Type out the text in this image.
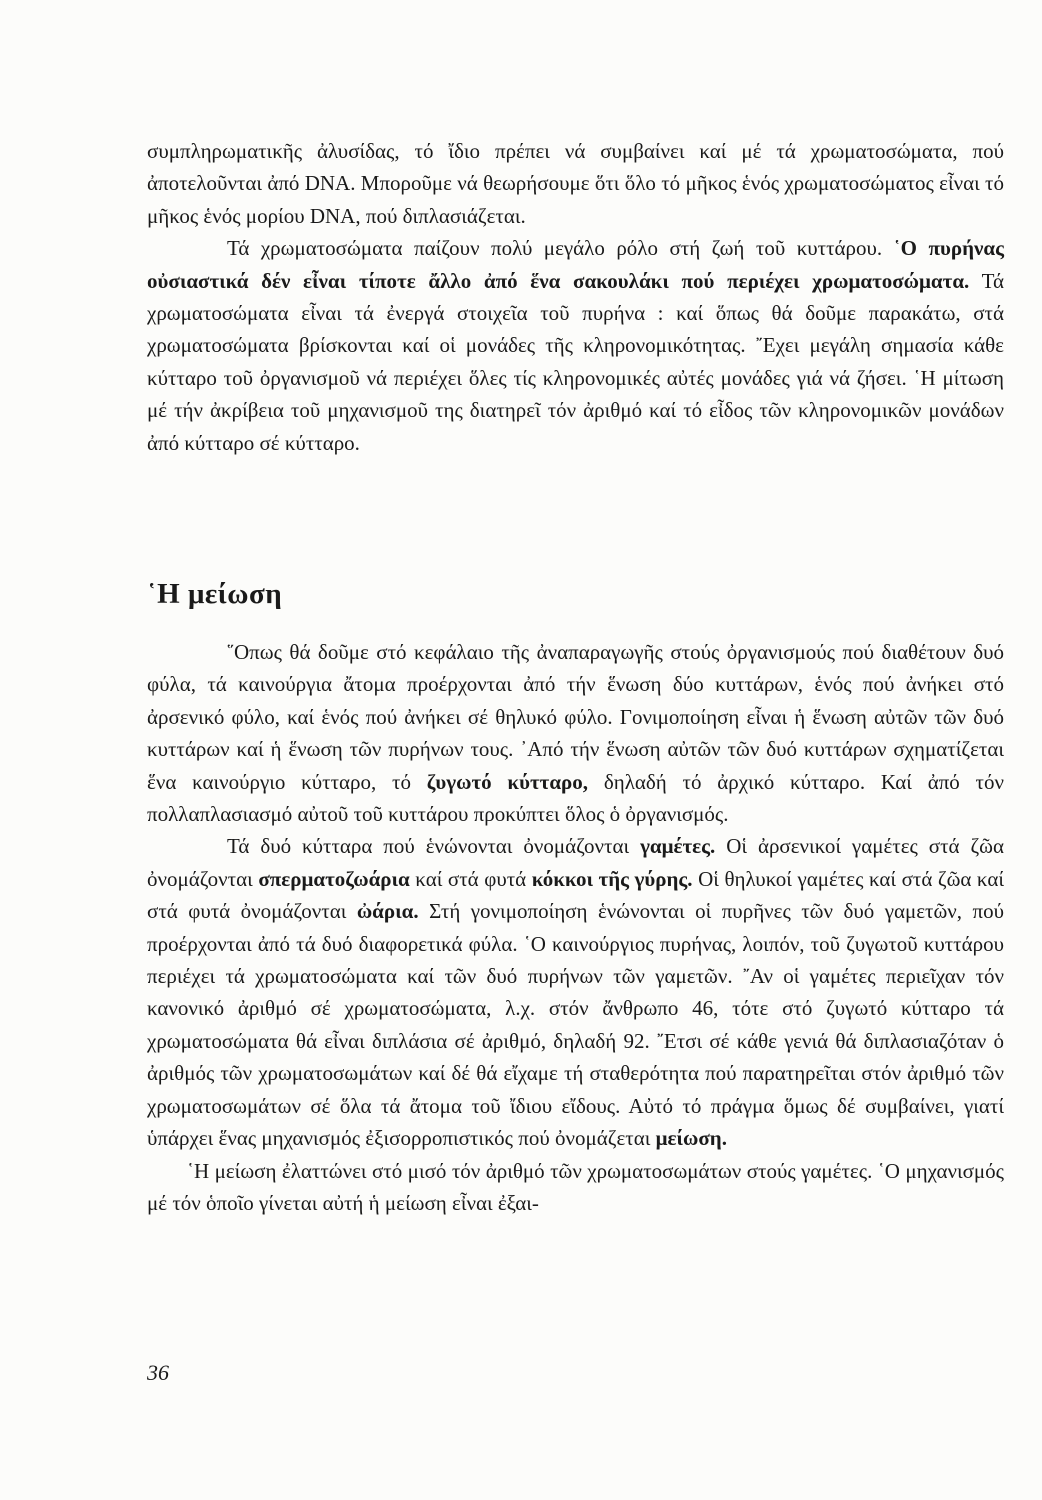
συμπληρωματικῆς ἀλυσίδας, τό ἴδιο πρέπει νά συμβαίνει καί μέ τά χρωματοσώματα, πού ἀποτελοῦνται ἀπό DNA. Μποροῦμε νά θεωρήσουμε ὅτι ὅλο τό μῆκος ἑνός χρωματοσώματος εἶναι τό μῆκος ἑνός μορίου DNA, πού διπλασιάζεται.

Τά χρωματοσώματα παίζουν πολύ μεγάλο ρόλο στή ζωή τοῦ κυττάρου. ῾Ο πυρήνας οὐσιαστικά δέν εἶναι τίποτε ἄλλο ἀπό ἕνα σακουλάκι πού περιέχει χρωματοσώματα. Τά χρωματοσώματα εἶναι τά ἐνεργά στοιχεῖα τοῦ πυρήνα : καί ὅπως θά δοῦμε παρακάτω, στά χρωματοσώματα βρίσκονται καί οἱ μονάδες τῆς κληρονομικότητας. ῎Εχει μεγάλη σημασία κάθε κύτταρο τοῦ ὀργανισμοῦ νά περιέχει ὅλες τίς κληρονομικές αὐτές μονάδες γιά νά ζήσει. ῾Η μίτωση μέ τήν ἀκρίβεια τοῦ μηχανισμοῦ της διατηρεῖ τόν ἀριθμό καί τό εἶδος τῶν κληρονομικῶν μονάδων ἀπό κύτταρο σέ κύτταρο.

῾Η μείωση

῞Οπως θά δοῦμε στό κεφάλαιο τῆς ἀναπαραγωγῆς στούς ὀργανισμούς πού διαθέτουν δυό φύλα, τά καινούργια ἄτομα προέρχονται ἀπό τήν ἕνωση δύο κυττάρων, ἑνός πού ἀνήκει στό ἀρσενικό φύλο, καί ἑνός πού ἀνήκει σέ θηλυκό φύλο. Γονιμοποίηση εἶναι ἡ ἕνωση αὐτῶν τῶν δυό κυττάρων καί ἡ ἕνωση τῶν πυρήνων τους. ᾿Από τήν ἕνωση αὐτῶν τῶν δυό κυττάρων σχηματίζεται ἕνα καινούργιο κύτταρο, τό ζυγωτό κύτταρο, δηλαδή τό ἀρχικό κύτταρο. Καί ἀπό τόν πολλαπλασιασμό αὐτοῦ τοῦ κυττάρου προκύπτει ὅλος ὁ ὀργανισμός.

Τά δυό κύτταρα πού ἑνώνονται ὀνομάζονται γαμέτες. Οἱ ἀρσενικοί γαμέτες στά ζῶα ὀνομάζονται σπερματοζωάρια καί στά φυτά κόκκοι τῆς γύρης. Οἱ θηλυκοί γαμέτες καί στά ζῶα καί στά φυτά ὀνομάζονται ὠάρια. Στή γονιμοποίηση ἑνώνονται οἱ πυρῆνες τῶν δυό γαμετῶν, πού προέρχονται ἀπό τά δυό διαφορετικά φύλα. ῾Ο καινούργιος πυρήνας, λοιπόν, τοῦ ζυγωτοῦ κυττάρου περιέχει τά χρωματοσώματα καί τῶν δυό πυρήνων τῶν γαμετῶν. ῎Αν οἱ γαμέτες περιεῖχαν τόν κανονικό ἀριθμό σέ χρωματοσώματα, λ.χ. στόν ἄνθρωπο 46, τότε στό ζυγωτό κύτταρο τά χρωματοσώματα θά εἶναι διπλάσια σέ ἀριθμό, δηλαδή 92. ῎Ετσι σέ κάθε γενιά θά διπλασιαζόταν ὁ ἀριθμός τῶν χρωματοσωμάτων καί δέ θά εἴχαμε τή σταθερότητα πού παρατηρεῖται στόν ἀριθμό τῶν χρωματοσωμάτων σέ ὅλα τά ἄτομα τοῦ ἴδιου εἴδους. Αὐτό τό πράγμα ὅμως δέ συμβαίνει, γιατί ὑπάρχει ἕνας μηχανισμός ἐξισορροπιστικός πού ὀνομάζεται μείωση.

῾Η μείωση ἐλαττώνει στό μισό τόν ἀριθμό τῶν χρωματοσωμάτων στούς γαμέτες. ῾Ο μηχανισμός μέ τόν ὁποῖο γίνεται αὐτή ἡ μείωση εἶναι ἐξαι-

36
